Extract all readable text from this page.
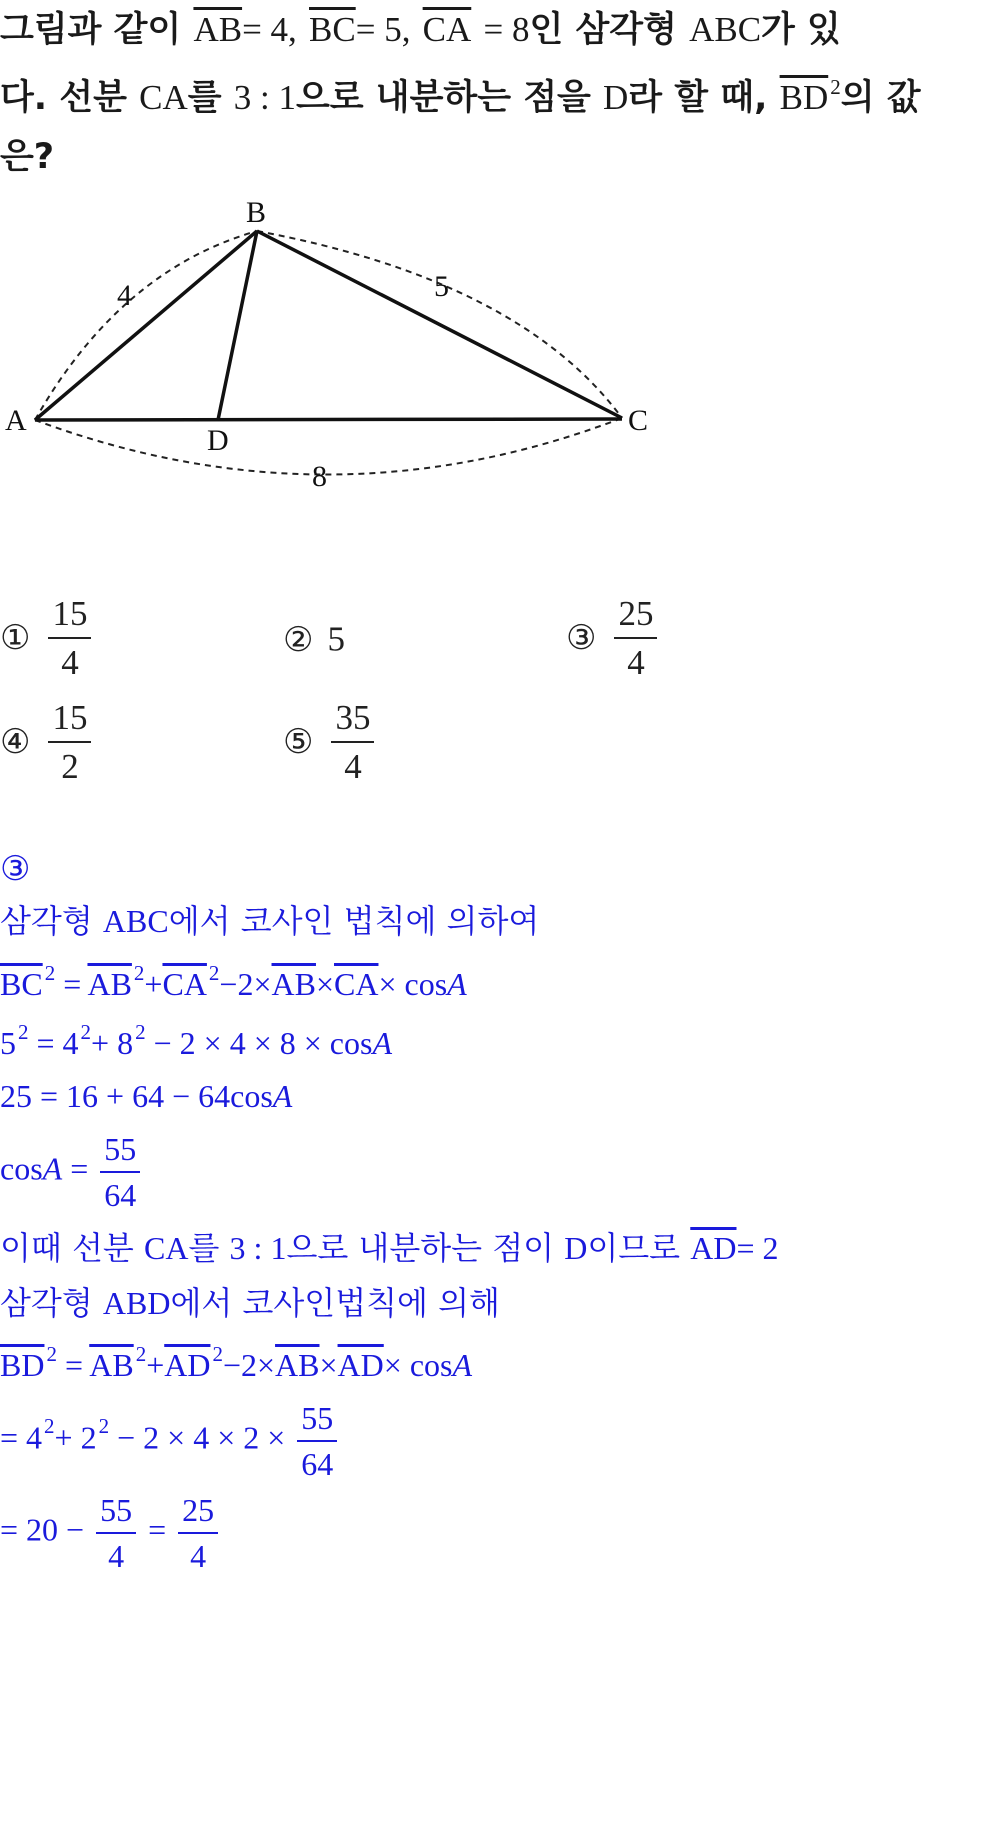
그림과 같이 $\overline{AB}= 4$, $\overline{BC}= 5$, $\overline{CA} = 8$인 삼각형 ABC가 있
다. 선분 CA를 3 : 1으로 내분하는 점을 D라 할 때, $\overline{BD}^2$의 값
은?
A
B
C
D
4	5
8
① $\frac{15}{4}$	② 5	③ $\frac{25}{4}$
④ $\frac{15}{2}$	⑤ $\frac{35}{4}$
③
삼각형 ABC에서 코사인 법칙에 의하여
$\overline{BC}^2 = \overline{AB}^2+\overline{CA}^2-2\times\overline{AB}\times\overline{CA}\times \cos A$
$5^2 = 4^2+ 8^2 - 2 \times 4 \times 8 \times \cos A$
25 = 16 + 64 − 64cosA
$\cos A = \frac{55}{64}$
이때 선분 CA를 3 : 1으로 내분하는 점이 D이므로 $\overline{AD}= 2$
삼각형 ABD에서 코사인법칙에 의해
$\overline{BD}^2 = \overline{AB}^2+\overline{AD}^2-2\times\overline{AB}\times\overline{AD}\times \cos A$
= $4^2+ 2^2 - 2 \times 4 \times 2 \times \frac{55}{64}$
= $20 - \frac{55}{4} = \frac{25}{4}$
